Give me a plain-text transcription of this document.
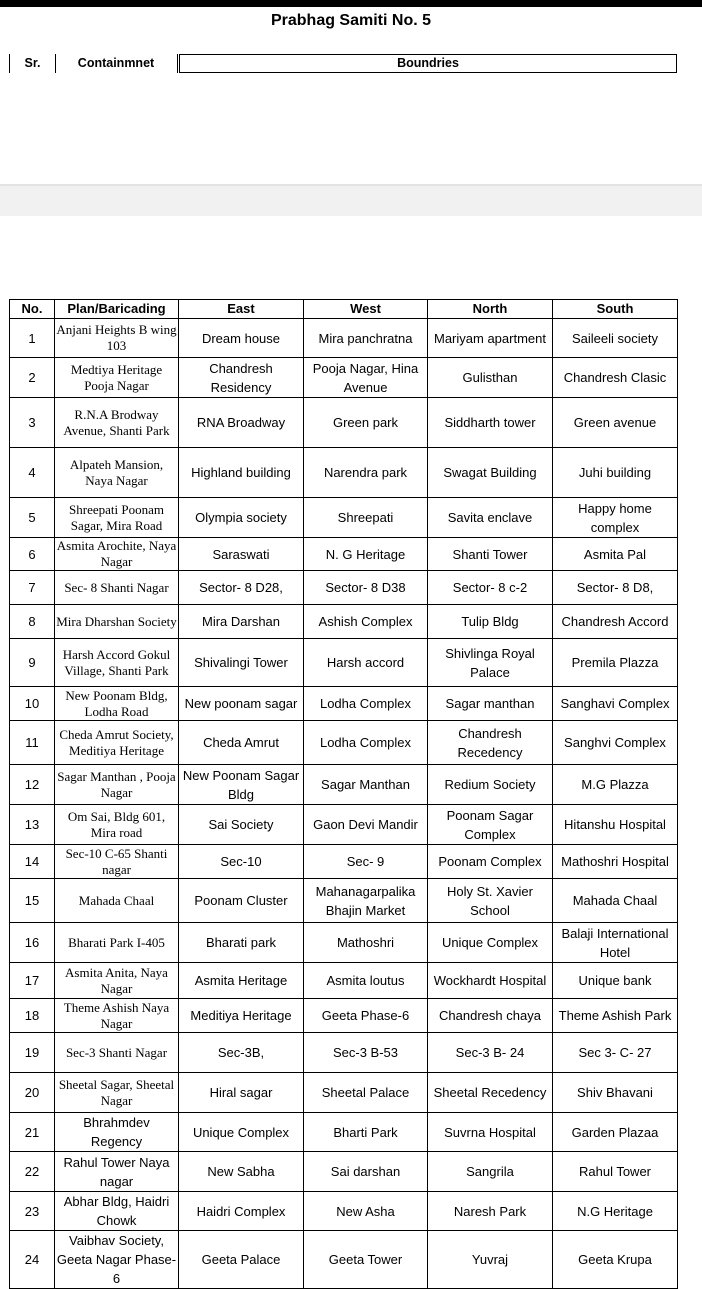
Prabhag Samiti No. 5
Sr.	Containmnet	Boundries
No.	Plan/Baricading	East	West	North	South
1	Anjani Heights B wing 103	Dream house	Mira panchratna	Mariyam apartment	Saileeli society
2	Medtiya Heritage Pooja Nagar	Chandresh Residency	Pooja Nagar, Hina Avenue	Gulisthan	Chandresh Clasic
3	R.N.A Brodway Avenue, Shanti Park	RNA Broadway	Green park	Siddharth tower	Green avenue
4	Alpateh Mansion, Naya Nagar	Highland building	Narendra park	Swagat Building	Juhi building
5	Shreepati Poonam Sagar, Mira Road	Olympia society	Shreepati	Savita enclave	Happy home complex
6	Asmita Arochite, Naya Nagar	Saraswati	N. G Heritage	Shanti Tower	Asmita Pal
7	Sec- 8 Shanti Nagar	Sector- 8 D28,	Sector- 8 D38	Sector- 8 c-2	Sector- 8 D8,
8	Mira Dharshan Society	Mira Darshan	Ashish Complex	Tulip Bldg	Chandresh Accord
9	Harsh Accord Gokul Village, Shanti Park	Shivalingi Tower	Harsh accord	Shivlinga Royal Palace	Premila Plazza
10	New Poonam Bldg, Lodha Road	New poonam sagar	Lodha Complex	Sagar manthan	Sanghavi Complex
11	Cheda Amrut Society, Meditiya Heritage	Cheda Amrut	Lodha Complex	Chandresh Recedency	Sanghvi Complex
12	Sagar Manthan , Pooja Nagar	New Poonam Sagar Bldg	Sagar Manthan	Redium Society	M.G Plazza
13	Om Sai, Bldg 601, Mira road	Sai Society	Gaon Devi Mandir	Poonam Sagar Complex	Hitanshu Hospital
14	Sec-10 C-65 Shanti nagar	Sec-10	Sec- 9	Poonam Complex	Mathoshri Hospital
15	Mahada Chaal	Poonam Cluster	Mahanagarpalika Bhajin Market	Holy St. Xavier School	Mahada Chaal
16	Bharati Park I-405	Bharati park	Mathoshri	Unique Complex	Balaji International Hotel
17	Asmita Anita, Naya Nagar	Asmita Heritage	Asmita loutus	Wockhardt Hospital	Unique bank
18	Theme Ashish Naya Nagar	Meditiya Heritage	Geeta Phase-6	Chandresh chaya	Theme Ashish Park
19	Sec-3 Shanti Nagar	Sec-3B,	Sec-3 B-53	Sec-3 B- 24	Sec 3- C- 27
20	Sheetal Sagar, Sheetal Nagar	Hiral sagar	Sheetal Palace	Sheetal Recedency	Shiv Bhavani
21	Bhrahmdev Regency	Unique Complex	Bharti Park	Suvrna Hospital	Garden Plazaa
22	Rahul Tower Naya nagar	New Sabha	Sai darshan	Sangrila	Rahul Tower
23	Abhar Bldg, Haidri Chowk	Haidri Complex	New Asha	Naresh Park	N.G Heritage
24	Vaibhav Society, Geeta Nagar Phase-6	Geeta Palace	Geeta Tower	Yuvraj	Geeta Krupa
